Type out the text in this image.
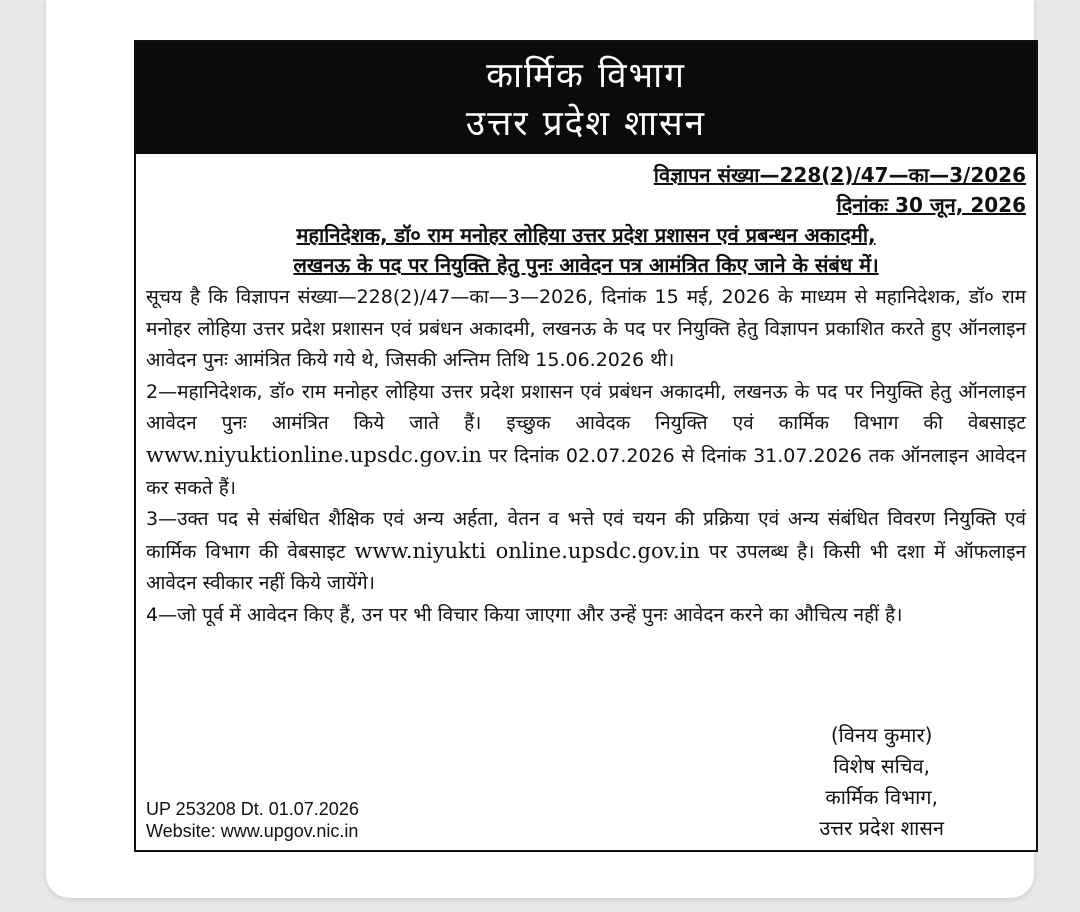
कार्मिक विभाग
उत्तर प्रदेश शासन
विज्ञापन संख्या—228(2)/47—का—3/2026
दिनांकः 30 जून, 2026
महानिदेशक, डॉ० राम मनोहर लोहिया उत्तर प्रदेश प्रशासन एवं प्रबन्धन अकादमी,
लखनऊ के पद पर नियुक्ति हेतु पुनः आवेदन पत्र आमंत्रित किए जाने के संबंध में।

सूचय है कि विज्ञापन संख्या—228(2)/47—का—3—2026, दिनांक 15 मई, 2026 के माध्यम से महानिदेशक, डॉ० राम मनोहर लोहिया उत्तर प्रदेश प्रशासन एवं प्रबंधन अकादमी, लखनऊ के पद पर नियुक्ति हेतु विज्ञापन प्रकाशित करते हुए ऑनलाइन आवेदन पुनः आमंत्रित किये गये थे, जिसकी अन्तिम तिथि 15.06.2026 थी।

2—महानिदेशक, डॉ० राम मनोहर लोहिया उत्तर प्रदेश प्रशासन एवं प्रबंधन अकादमी, लखनऊ के पद पर नियुक्ति हेतु ऑनलाइन आवेदन पुनः आमंत्रित किये जाते हैं। इच्छुक आवेदक नियुक्ति एवं कार्मिक विभाग की वेबसाइट www.niyuktionline.upsdc.gov.in पर दिनांक 02.07.2026 से दिनांक 31.07.2026 तक ऑनलाइन आवेदन कर सकते हैं।

3—उक्त पद से संबंधित शैक्षिक एवं अन्य अर्हता, वेतन व भत्ते एवं चयन की प्रक्रिया एवं अन्य संबंधित विवरण नियुक्ति एवं कार्मिक विभाग की वेबसाइट www.niyukti online.upsdc.gov.in पर उपलब्ध है। किसी भी दशा में ऑफलाइन आवेदन स्वीकार नहीं किये जायेंगे।

4—जो पूर्व में आवेदन किए हैं, उन पर भी विचार किया जाएगा और उन्हें पुनः आवेदन करने का औचित्य नहीं है।

UP 253208 Dt. 01.07.2026
Website: www.upgov.nic.in
(विनय कुमार)
विशेष सचिव,
कार्मिक विभाग,
उत्तर प्रदेश शासन
